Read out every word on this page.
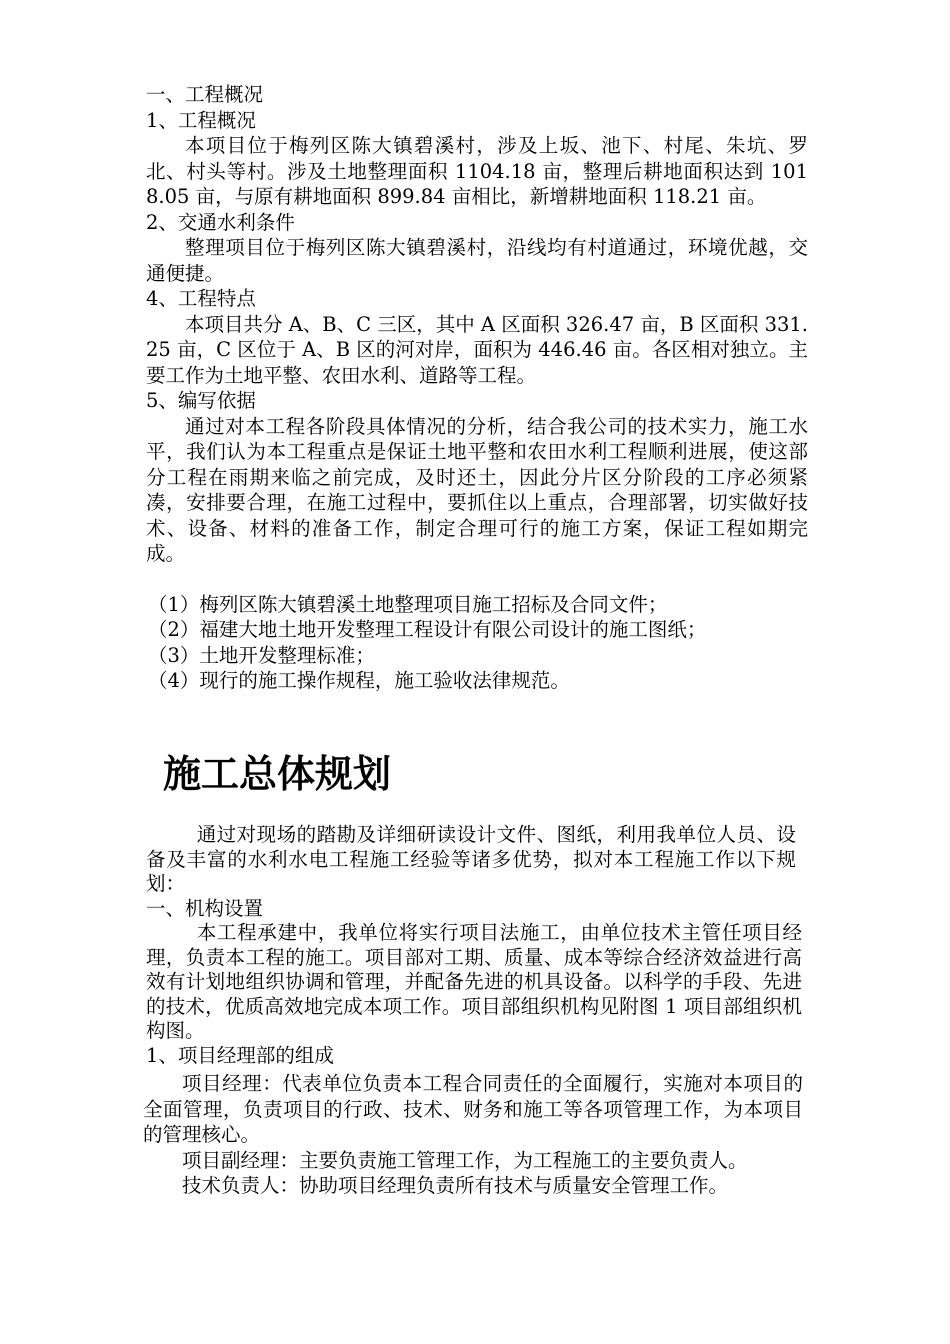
一、工程概况

1、工程概况

本项目位于梅列区陈大镇碧溪村，涉及上坂、池下、村尾、朱坑、罗北、村头等村。涉及土地整理面积 1104.18 亩，整理后耕地面积达到 1018.05 亩，与原有耕地面积 899.84 亩相比，新增耕地面积 118.21 亩。

2、交通水利条件

整理项目位于梅列区陈大镇碧溪村，沿线均有村道通过，环境优越，交通便捷。

4、工程特点

本项目共分 A、B、C 三区，其中 A 区面积 326.47 亩，B 区面积 331.25 亩，C 区位于 A、B 区的河对岸，面积为 446.46 亩。各区相对独立。主要工作为土地平整、农田水利、道路等工程。

5、编写依据

通过对本工程各阶段具体情况的分析，结合我公司的技术实力，施工水平，我们认为本工程重点是保证土地平整和农田水利工程顺利进展，使这部分工程在雨期来临之前完成，及时还土，因此分片区分阶段的工序必须紧凑，安排要合理，在施工过程中，要抓住以上重点，合理部署，切实做好技术、设备、材料的准备工作，制定合理可行的施工方案，保证工程如期完成。

（1）梅列区陈大镇碧溪土地整理项目施工招标及合同文件；

（2）福建大地土地开发整理工程设计有限公司设计的施工图纸；

（3）土地开发整理标准；

（4）现行的施工操作规程，施工验收法律规范。

施工总体规划

通过对现场的踏勘及详细研读设计文件、图纸，利用我单位人员、设备及丰富的水利水电工程施工经验等诸多优势，拟对本工程施工作以下规划：

一、机构设置

本工程承建中，我单位将实行项目法施工，由单位技术主管任项目经理，负责本工程的施工。项目部对工期、质量、成本等综合经济效益进行高效有计划地组织协调和管理，并配备先进的机具设备。以科学的手段、先进的技术，优质高效地完成本项工作。项目部组织机构见附图 1 项目部组织机构图。

1、项目经理部的组成

项目经理：代表单位负责本工程合同责任的全面履行，实施对本项目的全面管理，负责项目的行政、技术、财务和施工等各项管理工作，为本项目的管理核心。

项目副经理：主要负责施工管理工作，为工程施工的主要负责人。

技术负责人：协助项目经理负责所有技术与质量安全管理工作。
